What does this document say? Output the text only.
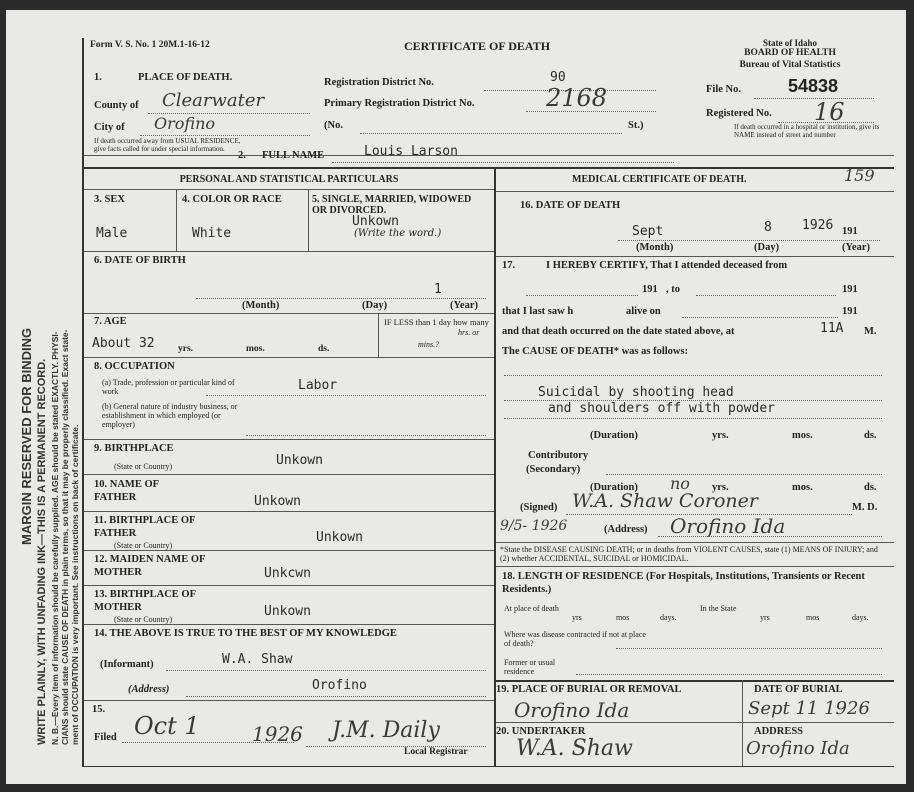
MARGIN RESERVED FOR BINDING WRITE PLAINLY, WITH UNFADING INK—THIS IS A PERMANENT RECORD. N. B.—Every item of information should be carefully supplied. AGE should be stated EXACTLY. PHYSI- CIANS should state CAUSE OF DEATH in plain terms, so that it may be properly classified. Exact state- ment of OCCUPATION is very important. See instructions on back of certificate.
Form V. S. No. 1 20M.1-16-12	CERTIFICATE OF DEATH	State of Idaho
BOARD OF HEALTH
Bureau of Vital Statistics
File No.	54838
Registered No. 16
If death occurred in a hospital or institution, give its NAME instead of street and number
1.	PLACE OF DEATH.
County of Clearwater
City of Orofino
If death occurred away from USUAL RESIDENCE, give facts called for under special information.
Registration District No.	90
Primary Registration District No.	2168
(No.	St.)
2. FULL NAME	Louis Larson
PERSONAL AND STATISTICAL PARTICULARS
3. SEX
Male
4. COLOR OR RACE
White
5. SINGLE, MARRIED, WIDOWED OR DIVORCED.
Unkown
(Write the word.)
6. DATE OF BIRTH
1
(Month)	(Day)	(Year)
7. AGE
About 32 yrs.	mos.	ds.
IF LESS than 1 day how many
hrs. or
mins.?
8. OCCUPATION
(a) Trade, profession or particular kind of work	Labor
(b) General nature of industry business, or establishment in which employed (or employer)
9. BIRTHPLACE
(State or Country)	Unkown
10. NAME OF FATHER	Unkown
11. BIRTHPLACE OF FATHER
(State or Country)
Unkown
12. MAIDEN NAME OF MOTHER	Unkcwn
13. BIRTHPLACE OF MOTHER
(State or Country)
Unkown
14. THE ABOVE IS TRUE TO THE BEST OF MY KNOWLEDGE
(Informant)	W.A. Shaw
(Address)	Orofino
15.
Filed Oct 1	1926 J.M. Daily
Local Registrar
MEDICAL CERTIFICATE OF DEATH.	159
16. DATE OF DEATH
Sept	8 1926 191
(Month)	(Day)	(Year)
17.	I HEREBY CERTIFY, That I attended deceased from
191 , to	191
that I last saw h	alive on	191
and that death occurred on the date stated above, at	11A M.
The CAUSE OF DEATH* was as follows:
Suicidal by shooting head
and shoulders off with powder
(Duration)	yrs.	mos.	ds.
Contributory
(Secondary)
(Duration) no yrs.	mos.	ds.
(Signed) W.A. Shaw Coroner	M. D.
9/5- 1926	(Address) Orofino Ida
*State the DISEASE CAUSING DEATH; or in deaths from VIOLENT CAUSES, state (1) MEANS OF INJURY; and (2) whether ACCIDENTAL, SUICIDAL or HOMICIDAL.
18. LENGTH OF RESIDENCE (For Hospitals, Institutions, Transients or Recent Residents.)
At place of death
yrs	mos	days.
In the State
yrs	mos	days.
Where was disease contracted if not at place of death?
Former or usual residence
19. PLACE OF BURIAL OR REMOVAL
Orofino Ida
DATE OF BURIAL
Sept 11 1926
20. UNDERTAKER
W.A. Shaw
ADDRESS
Orofino Ida
